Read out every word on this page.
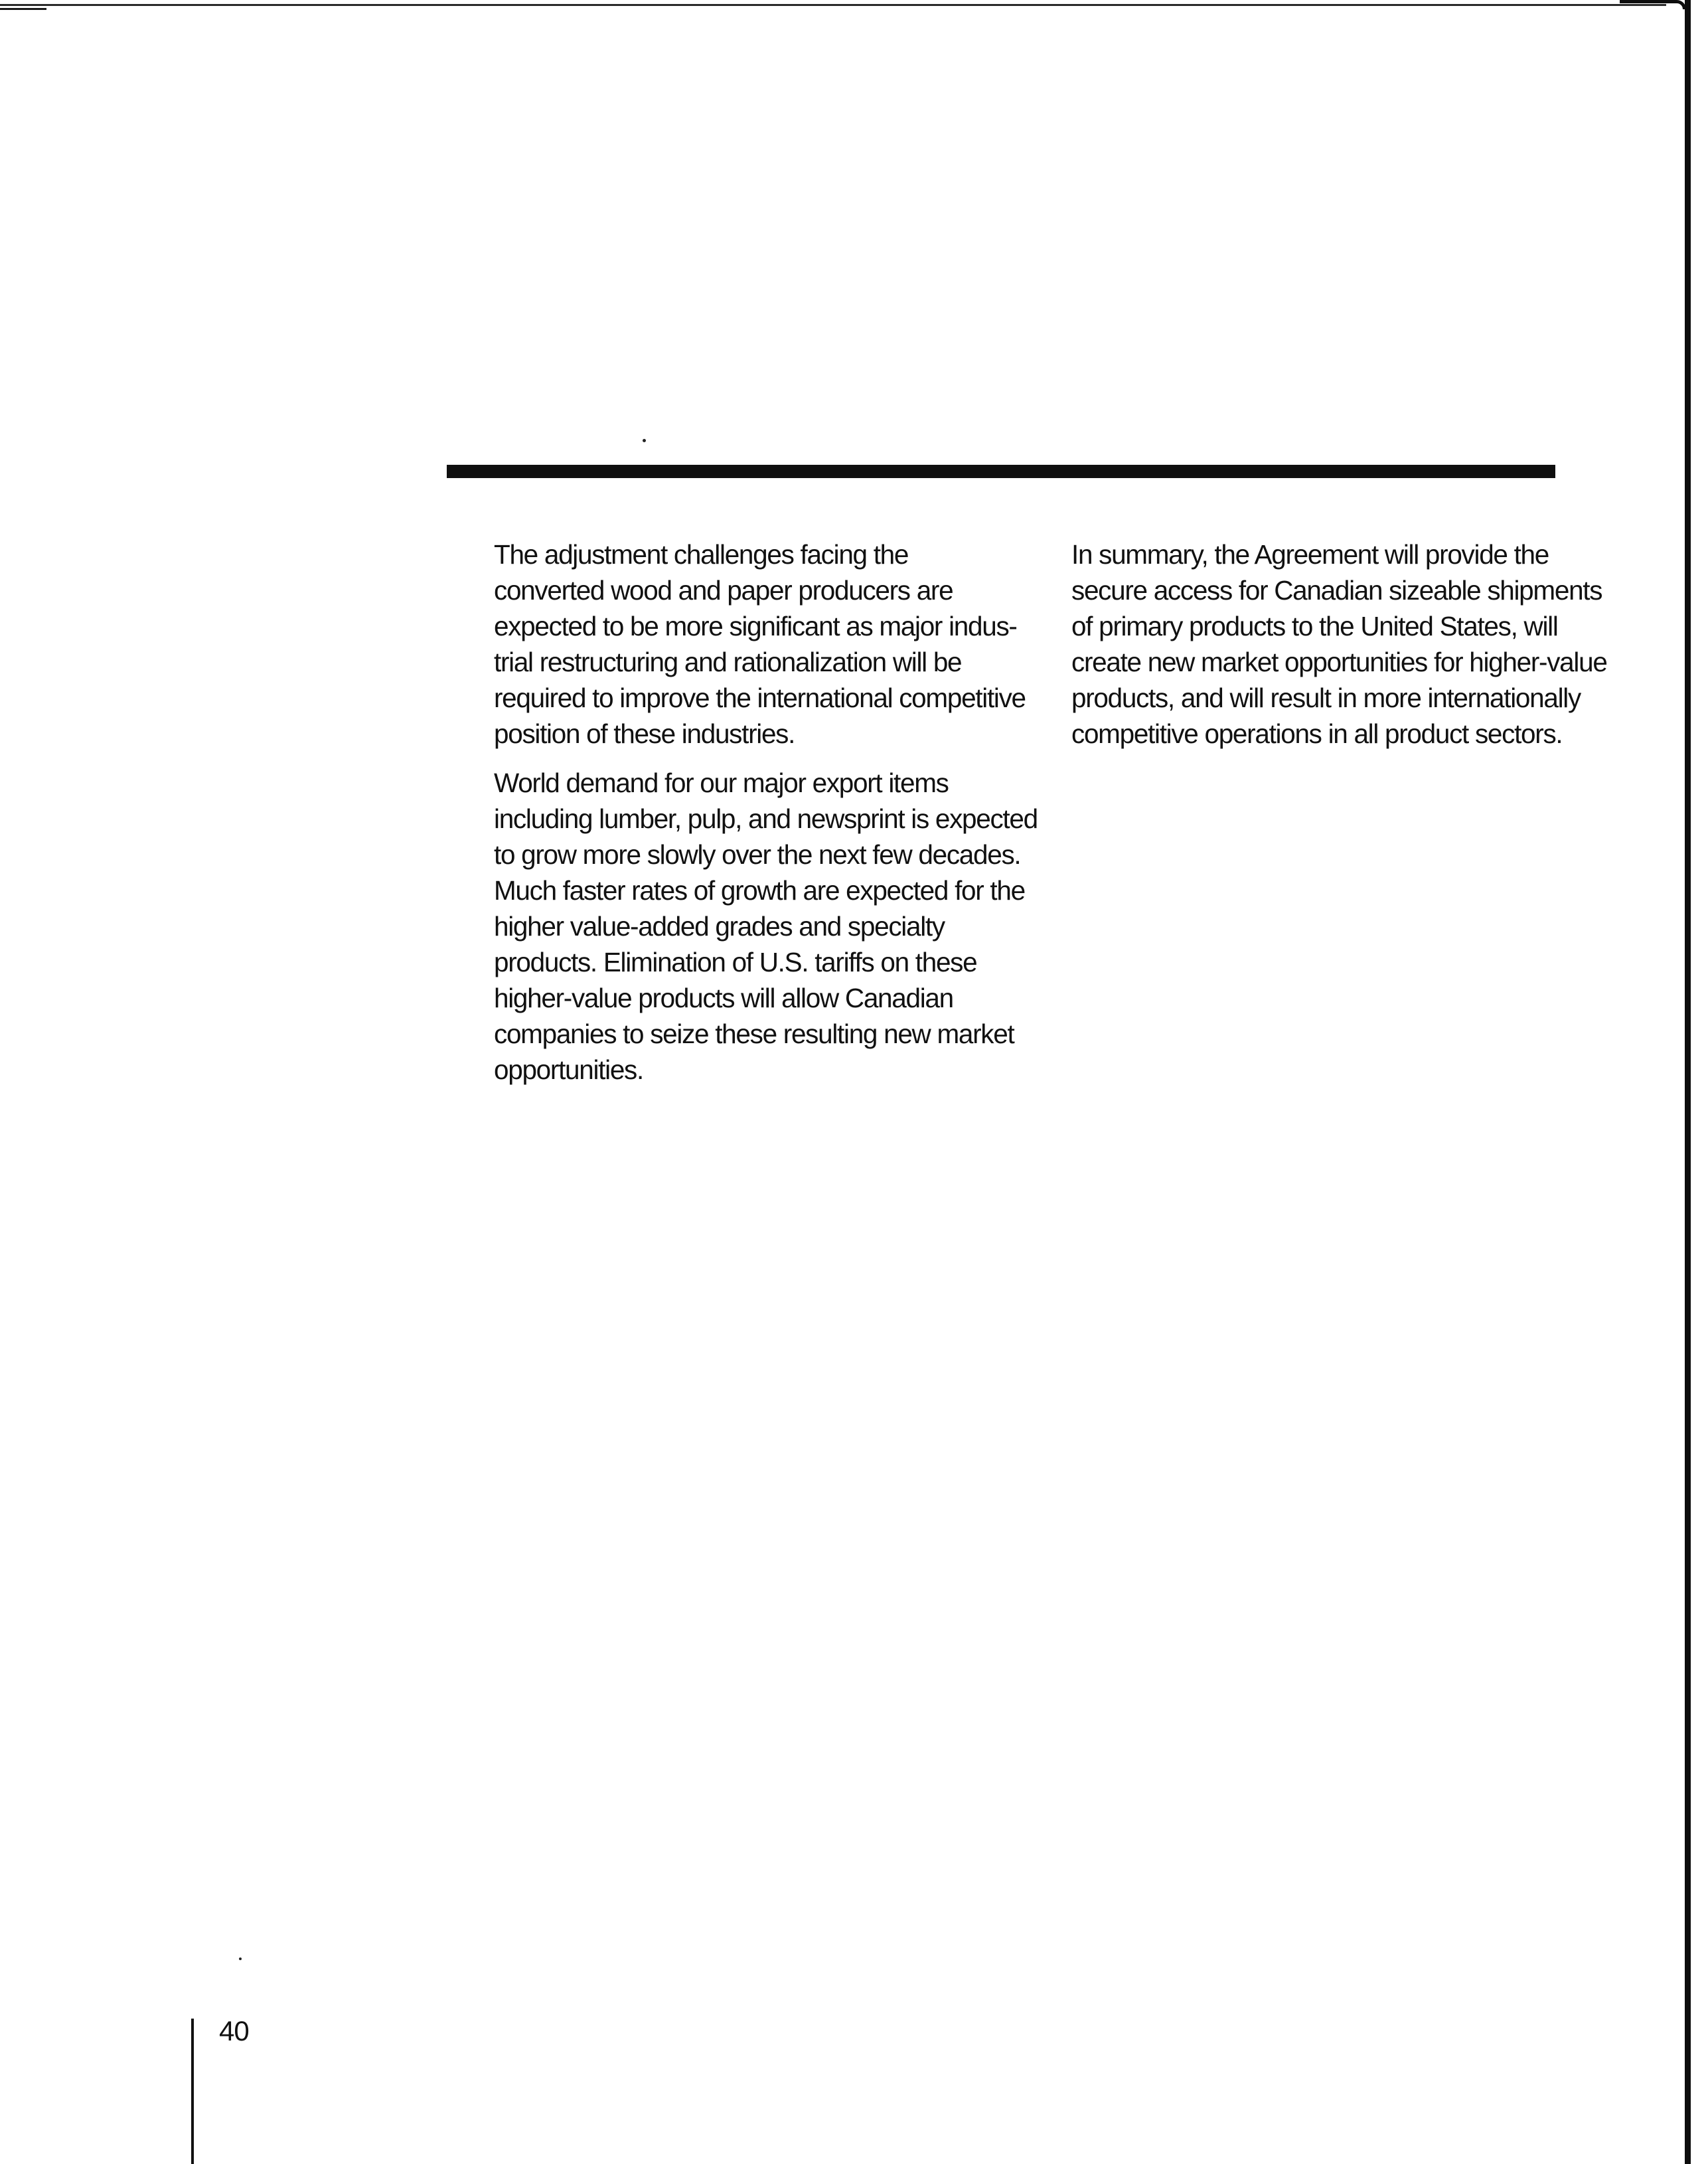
The adjustment challenges facing the
converted wood and paper producers are
expected to be more significant as major indus-
trial restructuring and rationalization will be
required to improve the international competitive
position of these industries.

World demand for our major export items
including lumber, pulp, and newsprint is expected
to grow more slowly over the next few decades.
Much faster rates of growth are expected for the
higher value-added grades and specialty
products. Elimination of U.S. tariffs on these
higher-value products will allow Canadian
companies to seize these resulting new market
opportunities.

In summary, the Agreement will provide the
secure access for Canadian sizeable shipments
of primary products to the United States, will
create new market opportunities for higher-value
products, and will result in more internationally
competitive operations in all product sectors.

40
